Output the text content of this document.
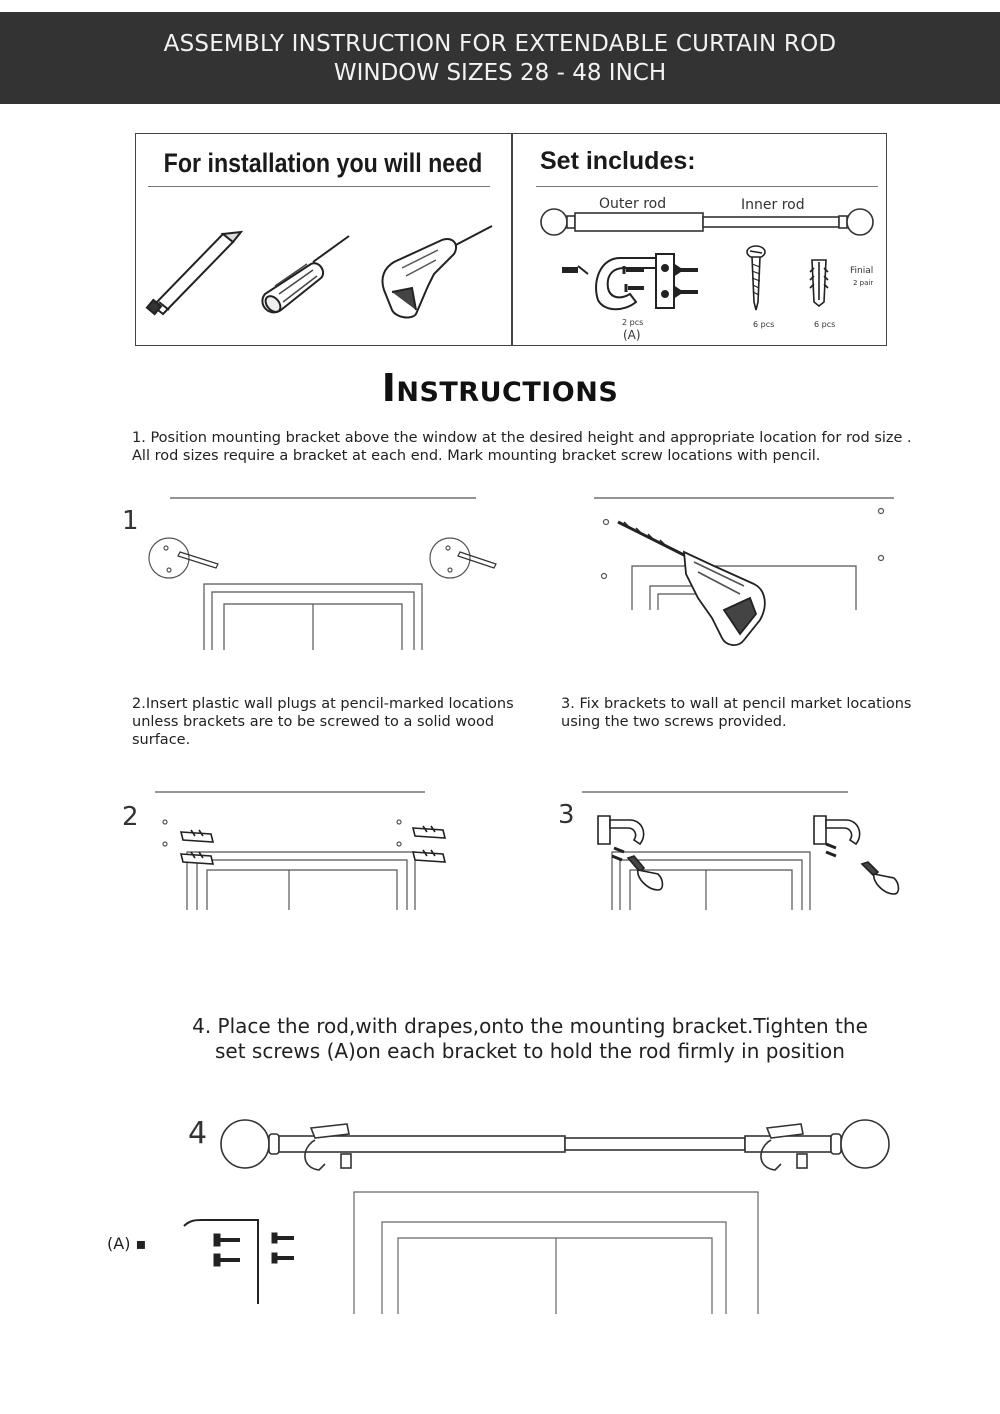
ASSEMBLY INSTRUCTION FOR EXTENDABLE CURTAIN ROD
WINDOW SIZES 28 - 48 INCH
For installation you will need Set includes:
Outer rod	Inner rod
2 pcs
(A)
6 pcs	6 pcs
Finial
2 pair
Instructions
1. Position mounting bracket above the window at the desired height and appropriate location for rod size .
All rod sizes require a bracket at each end. Mark mounting bracket screw locations with pencil.
1
2.Insert plastic wall plugs at pencil-marked locations
unless brackets are to be screwed to a solid wood
surface.
3. Fix brackets to wall at pencil market locations
using the two screws provided.
2	3
4. Place the rod,with drapes,onto the mounting bracket.Tighten the
set screws (A)on each bracket to hold the rod firmly in position
4
(A) ▪
